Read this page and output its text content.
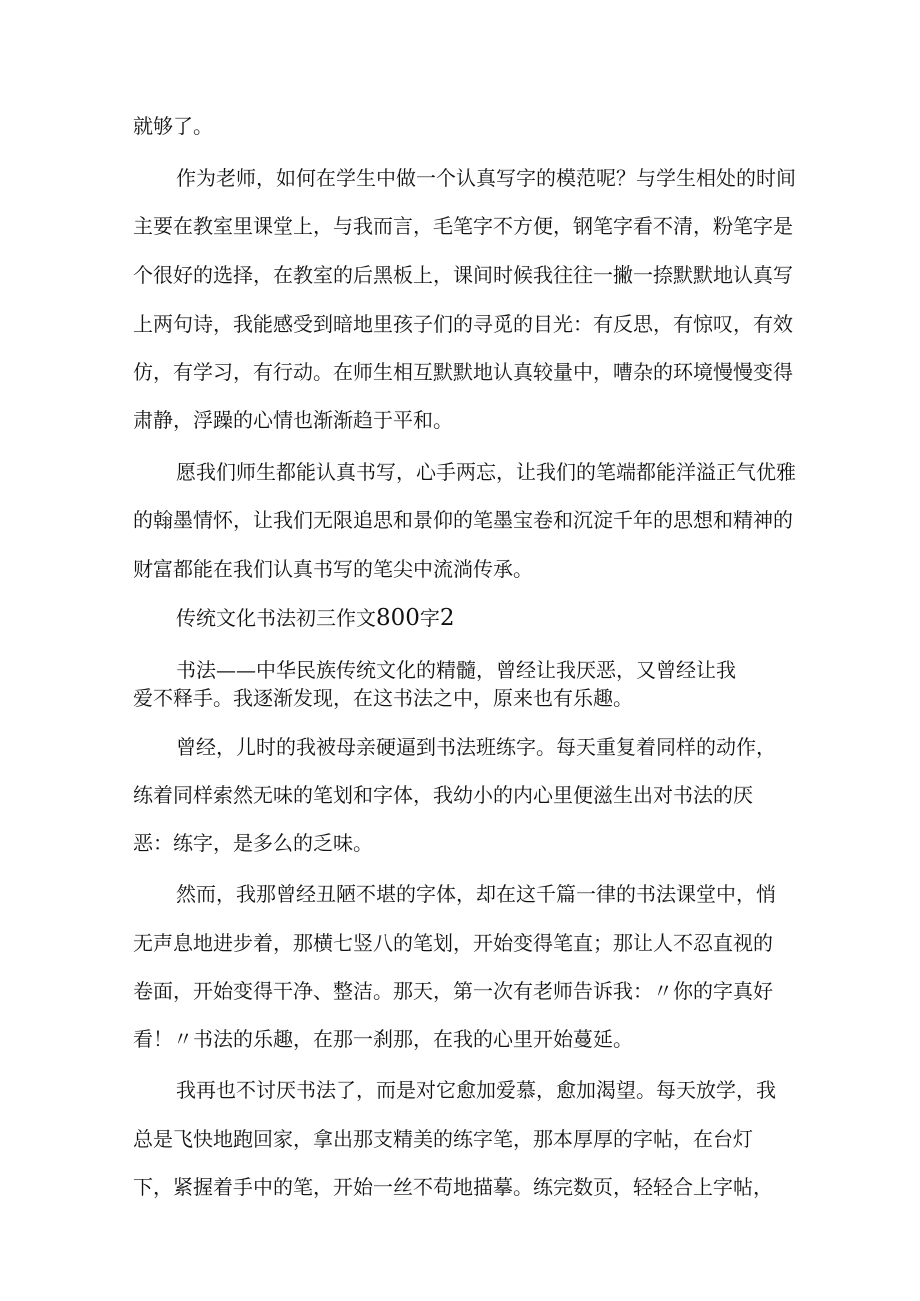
就够了。
作为老师，如何在学生中做一个认真写字的模范呢？与学生相处的时间
主要在教室里课堂上，与我而言，毛笔字不方便，钢笔字看不清，粉笔字是
个很好的选择，在教室的后黑板上，课间时候我往往一撇一捺默默地认真写
上两句诗，我能感受到暗地里孩子们的寻觅的目光：有反思，有惊叹，有效
仿，有学习，有行动。在师生相互默默地认真较量中，嘈杂的环境慢慢变得
肃静，浮躁的心情也渐渐趋于平和。
愿我们师生都能认真书写，心手两忘，让我们的笔端都能洋溢正气优雅
的翰墨情怀，让我们无限追思和景仰的笔墨宝卷和沉淀千年的思想和精神的
财富都能在我们认真书写的笔尖中流淌传承。
传统文化书法初三作文800字2
书法——中华民族传统文化的精髓，曾经让我厌恶，又曾经让我
爱不释手。我逐渐发现，在这书法之中，原来也有乐趣。
曾经，儿时的我被母亲硬逼到书法班练字。每天重复着同样的动作，
练着同样索然无味的笔划和字体，我幼小的内心里便滋生出对书法的厌
恶：练字，是多么的乏味。
然而，我那曾经丑陋不堪的字体，却在这千篇一律的书法课堂中，悄
无声息地进步着，那横七竖八的笔划，开始变得笔直；那让人不忍直视的
卷面，开始变得干净、整洁。那天，第一次有老师告诉我：〃你的字真好
看！〃书法的乐趣，在那一刹那，在我的心里开始蔓延。
我再也不讨厌书法了，而是对它愈加爱慕，愈加渴望。每天放学，我
总是飞快地跑回家，拿出那支精美的练字笔，那本厚厚的字帖，在台灯
下，紧握着手中的笔，开始一丝不苟地描摹。练完数页，轻轻合上字帖，
